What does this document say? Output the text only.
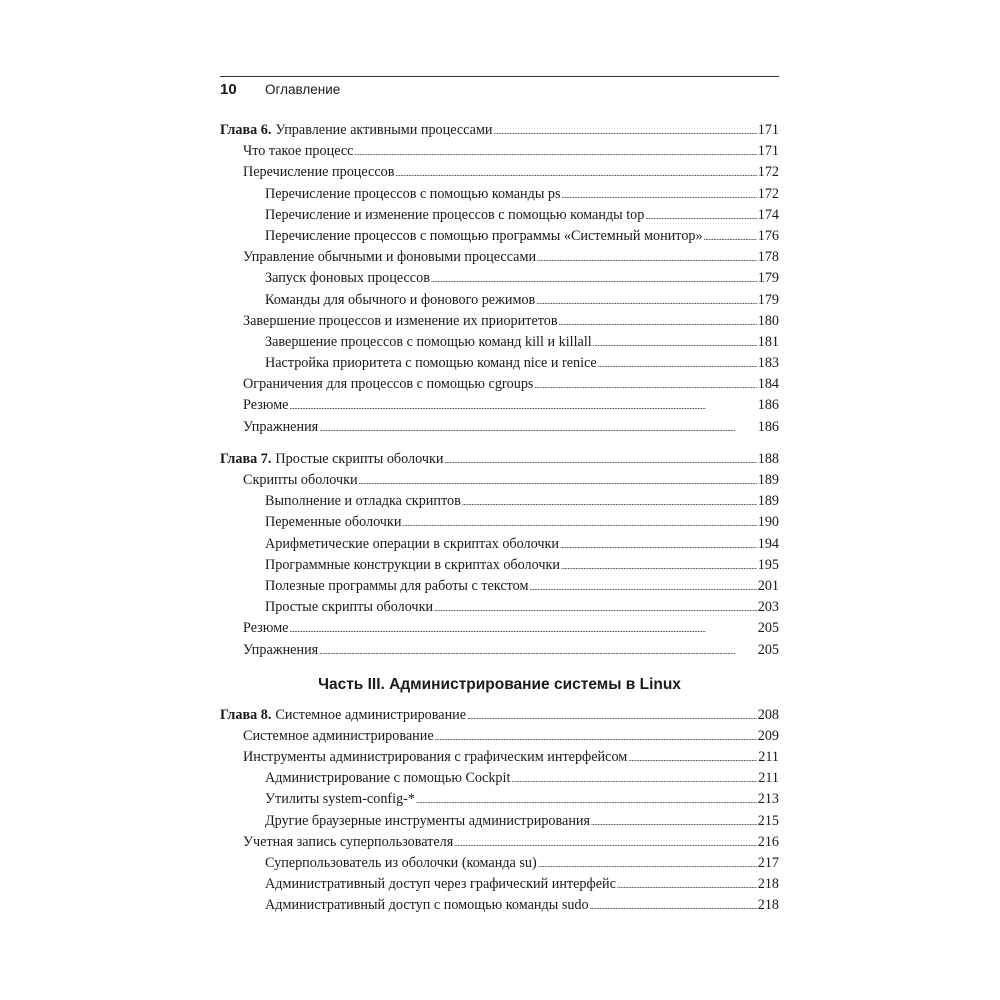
10 Оглавление
Глава 6. Управление активными процессами . . .	171
Что такое процесс . . .	171
Перечисление процессов . . .	172
Перечисление процессов с помощью команды ps . . .	172
Перечисление и изменение процессов с помощью команды top . . .	174
Перечисление процессов с помощью программы «Системный монитор» . . .	176
Управление обычными и фоновыми процессами . . .	178
Запуск фоновых процессов . . .	179
Команды для обычного и фонового режимов . . .	179
Завершение процессов и изменение их приоритетов . . .	180
Завершение процессов с помощью команд kill и killall . . .	181
Настройка приоритета с помощью команд nice и renice . . .	183
Ограничения для процессов с помощью cgroups . . .	184
Резюме . . .	186
Упражнения . . .	186
Глава 7. Простые скрипты оболочки . . .	188
Скрипты оболочки . . .	189
Выполнение и отладка скриптов . . .	189
Переменные оболочки . . .	190
Арифметические операции в скриптах оболочки . . .	194
Программные конструкции в скриптах оболочки . . .	195
Полезные программы для работы с текстом . . .	201
Простые скрипты оболочки . . .	203
Резюме . . .	205
Упражнения . . .	205
Часть III. Администрирование системы в Linux
Глава 8. Системное администрирование . . .	208
Системное администрирование . . .	209
Инструменты администрирования с графическим интерфейсом . . .	211
Администрирование с помощью Cockpit . . .	211
Утилиты system-config-* . . .	213
Другие браузерные инструменты администрирования . . .	215
Учетная запись суперпользователя . . .	216
Суперпользователь из оболочки (команда su) . . .	217
Административный доступ через графический интерфейс . . .	218
Административный доступ с помощью команды sudo . . .	218
